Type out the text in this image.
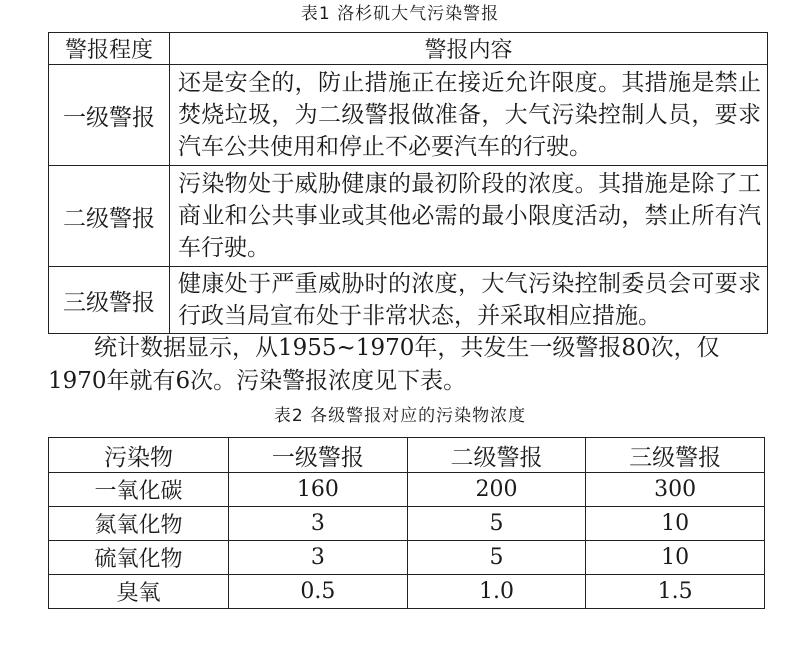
表1 洛杉矶大气污染警报
警报程度	警报内容
一级警报	还是安全的，防止措施正在接近允许限度。其措施是禁止焚烧垃圾，为二级警报做准备，大气污染控制人员，要求汽车公共使用和停止不必要汽车的行驶。
二级警报	污染物处于威胁健康的最初阶段的浓度。其措施是除了工商业和公共事业或其他必需的最小限度活动，禁止所有汽车行驶。
三级警报	健康处于严重威胁时的浓度，大气污染控制委员会可要求行政当局宣布处于非常状态，并采取相应措施。
统计数据显示，从1955~1970年，共发生一级警报80次，仅1970年就有6次。污染警报浓度见下表。
表2 各级警报对应的污染物浓度
污染物	一级警报	二级警报	三级警报
一氧化碳	160	200	300
氮氧化物	3	5	10
硫氧化物	3	5	10
臭氧	0.5	1.0	1.5
